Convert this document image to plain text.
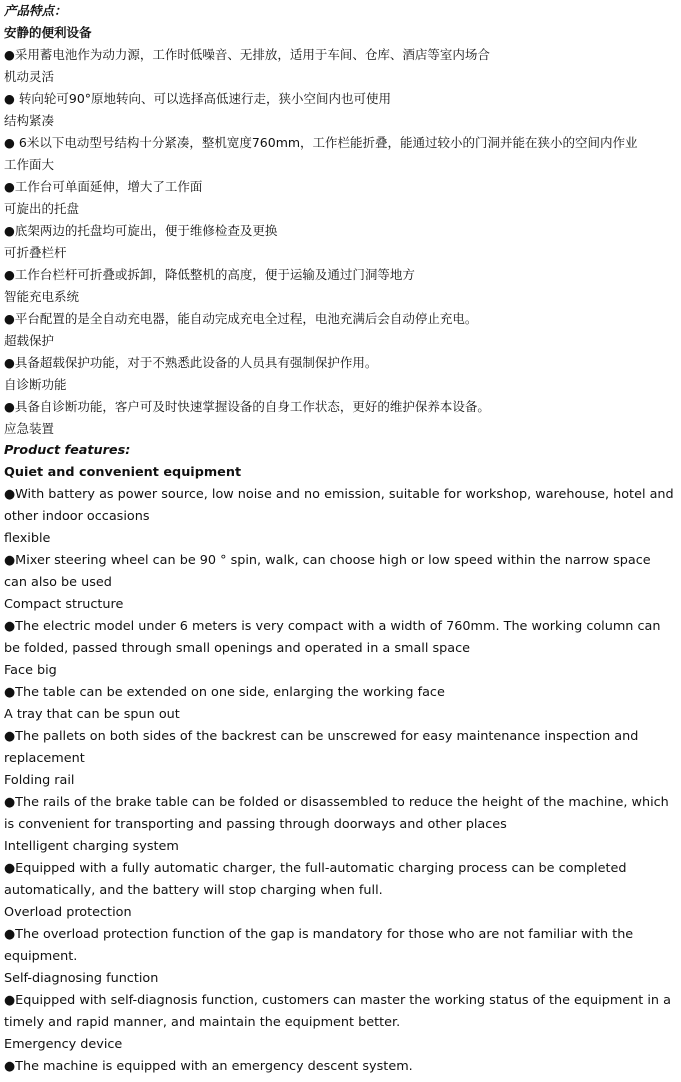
产品特点：
安静的便利设备
●采用蓄电池作为动力源，工作时低噪音、无排放，适用于车间、仓库、酒店等室内场合
机动灵活
● 转向轮可90°原地转向、可以选择高低速行走，狭小空间内也可使用
结构紧凑
● 6米以下电动型号结构十分紧凑，整机宽度760mm，工作栏能折叠，能通过较小的门洞并能在狭小的空间内作业
工作面大
●工作台可单面延伸，增大了工作面
可旋出的托盘
●底架两边的托盘均可旋出，便于维修检查及更换
可折叠栏杆
●工作台栏杆可折叠或拆卸，降低整机的高度，便于运输及通过门洞等地方
智能充电系统
●平台配置的是全自动充电器，能自动完成充电全过程，电池充满后会自动停止充电。
超载保护
●具备超载保护功能，对于不熟悉此设备的人员具有强制保护作用。
自诊断功能
●具备自诊断功能，客户可及时快速掌握设备的自身工作状态，更好的维护保养本设备。
应急装置
Product features:
Quiet and convenient equipment
●With battery as power source, low noise and no emission, suitable for workshop, warehouse, hotel and other indoor occasions
flexible
●Mixer steering wheel can be 90 ° spin, walk, can choose high or low speed within the narrow space can also be used
Compact structure
●The electric model under 6 meters is very compact with a width of 760mm. The working column can be folded, passed through small openings and operated in a small space
Face big
●The table can be extended on one side, enlarging the working face
A tray that can be spun out
●The pallets on both sides of the backrest can be unscrewed for easy maintenance inspection and replacement
Folding rail
●The rails of the brake table can be folded or disassembled to reduce the height of the machine, which is convenient for transporting and passing through doorways and other places
Intelligent charging system
●Equipped with a fully automatic charger, the full-automatic charging process can be completed automatically, and the battery will stop charging when full.
Overload protection
●The overload protection function of the gap is mandatory for those who are not familiar with the equipment.
Self-diagnosing function
●Equipped with self-diagnosis function, customers can master the working status of the equipment in a timely and rapid manner, and maintain the equipment better.
Emergency device
●The machine is equipped with an emergency descent system.
